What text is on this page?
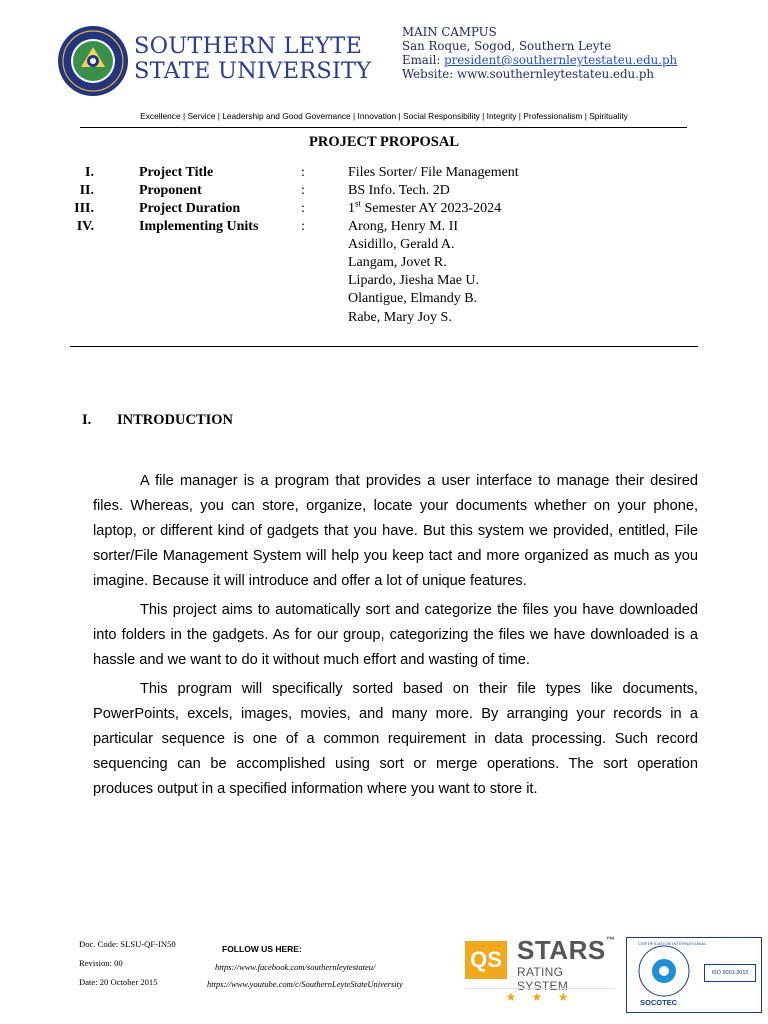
SOUTHERN LEYTE
STATE UNIVERSITY
MAIN CAMPUS
San Roque, Sogod, Southern Leyte
Email: president@southernleytestateu.edu.ph
Website: www.southernleytestateu.edu.ph
Excellence | Service | Leadership and Good Governance | Innovation | Social Responsibility | Integrity | Professionalism | Spirituality
PROJECT PROPOSAL
I.	Project Title	:	Files Sorter/ File Management
II.	Proponent	:	BS Info. Tech. 2D
III.	Project Duration	:	1st Semester AY 2023-2024
IV.	Implementing Units	:	Arong, Henry M. II
Asidillo, Gerald A.
Langam, Jovet R.
Lipardo, Jiesha Mae U.
Olantigue, Elmandy B.
Rabe, Mary Joy S.
I. INTRODUCTION

A file manager is a program that provides a user interface to manage their desired files. Whereas, you can store, organize, locate your documents whether on your phone, laptop, or different kind of gadgets that you have. But this system we provided, entitled, File sorter/File Management System will help you keep tact and more organized as much as you imagine. Because it will introduce and offer a lot of unique features.

This project aims to automatically sort and categorize the files you have downloaded into folders in the gadgets. As for our group, categorizing the files we have downloaded is a hassle and we want to do it without much effort and wasting of time.

This program will specifically sorted based on their file types like documents, PowerPoints, excels, images, movies, and many more. By arranging your records in a particular sequence is one of a common requirement in data processing. Such record sequencing can be accomplished using sort or merge operations. The sort operation produces output in a specified information where you want to store it.

Doc. Code: SLSU-QF-IN50
Revision: 00
Date: 20 October 2015
FOLLOW US HERE:
https://www.facebook.com/southernleytestateu/
https://www.youtube.com/c/SouthernLeyteStateUniversity
QS STARS™
RATING SYSTEM
★ ★ ★
CERTIFICATION INTERNATIONAL
SOCOTEC
ISO 9001:2015
